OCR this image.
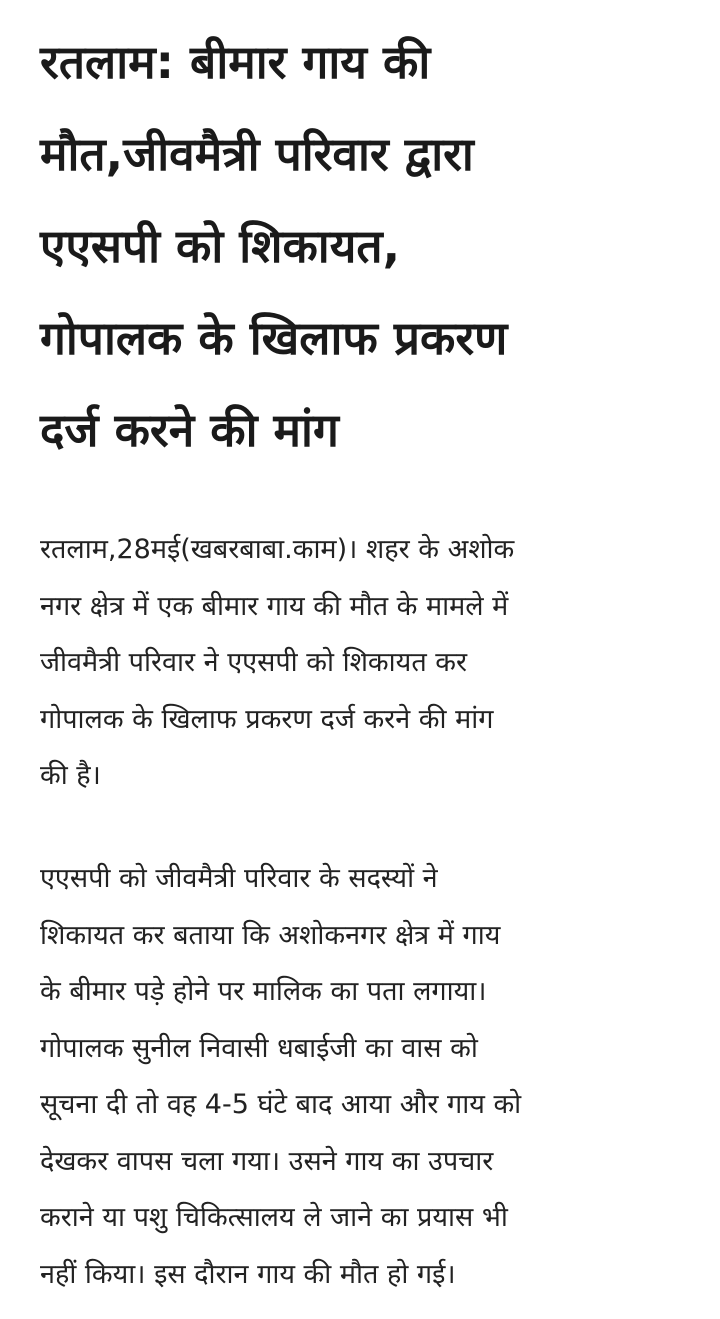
रतलाम: बीमार गाय की
मौत,जीवमैत्री परिवार द्वारा
एएसपी को शिकायत,
गोपालक के खिलाफ प्रकरण
दर्ज करने की मांग

रतलाम,28मई(खबरबाबा.काम)। शहर के अशोक
नगर क्षेत्र में एक बीमार गाय की मौत के मामले में
जीवमैत्री परिवार ने एएसपी को शिकायत कर
गोपालक के खिलाफ प्रकरण दर्ज करने की मांग
की है।

एएसपी को जीवमैत्री परिवार के सदस्यों ने
शिकायत कर बताया कि अशोकनगर क्षेत्र में गाय
के बीमार पड़े होने पर मालिक का पता लगाया।
गोपालक सुनील निवासी धबाईजी का वास को
सूचना दी तो वह 4-5 घंटे बाद आया और गाय को
देखकर वापस चला गया। उसने गाय का उपचार
कराने या पशु चिकित्सालय ले जाने का प्रयास भी
नहीं किया। इस दौरान गाय की मौत हो गई।
